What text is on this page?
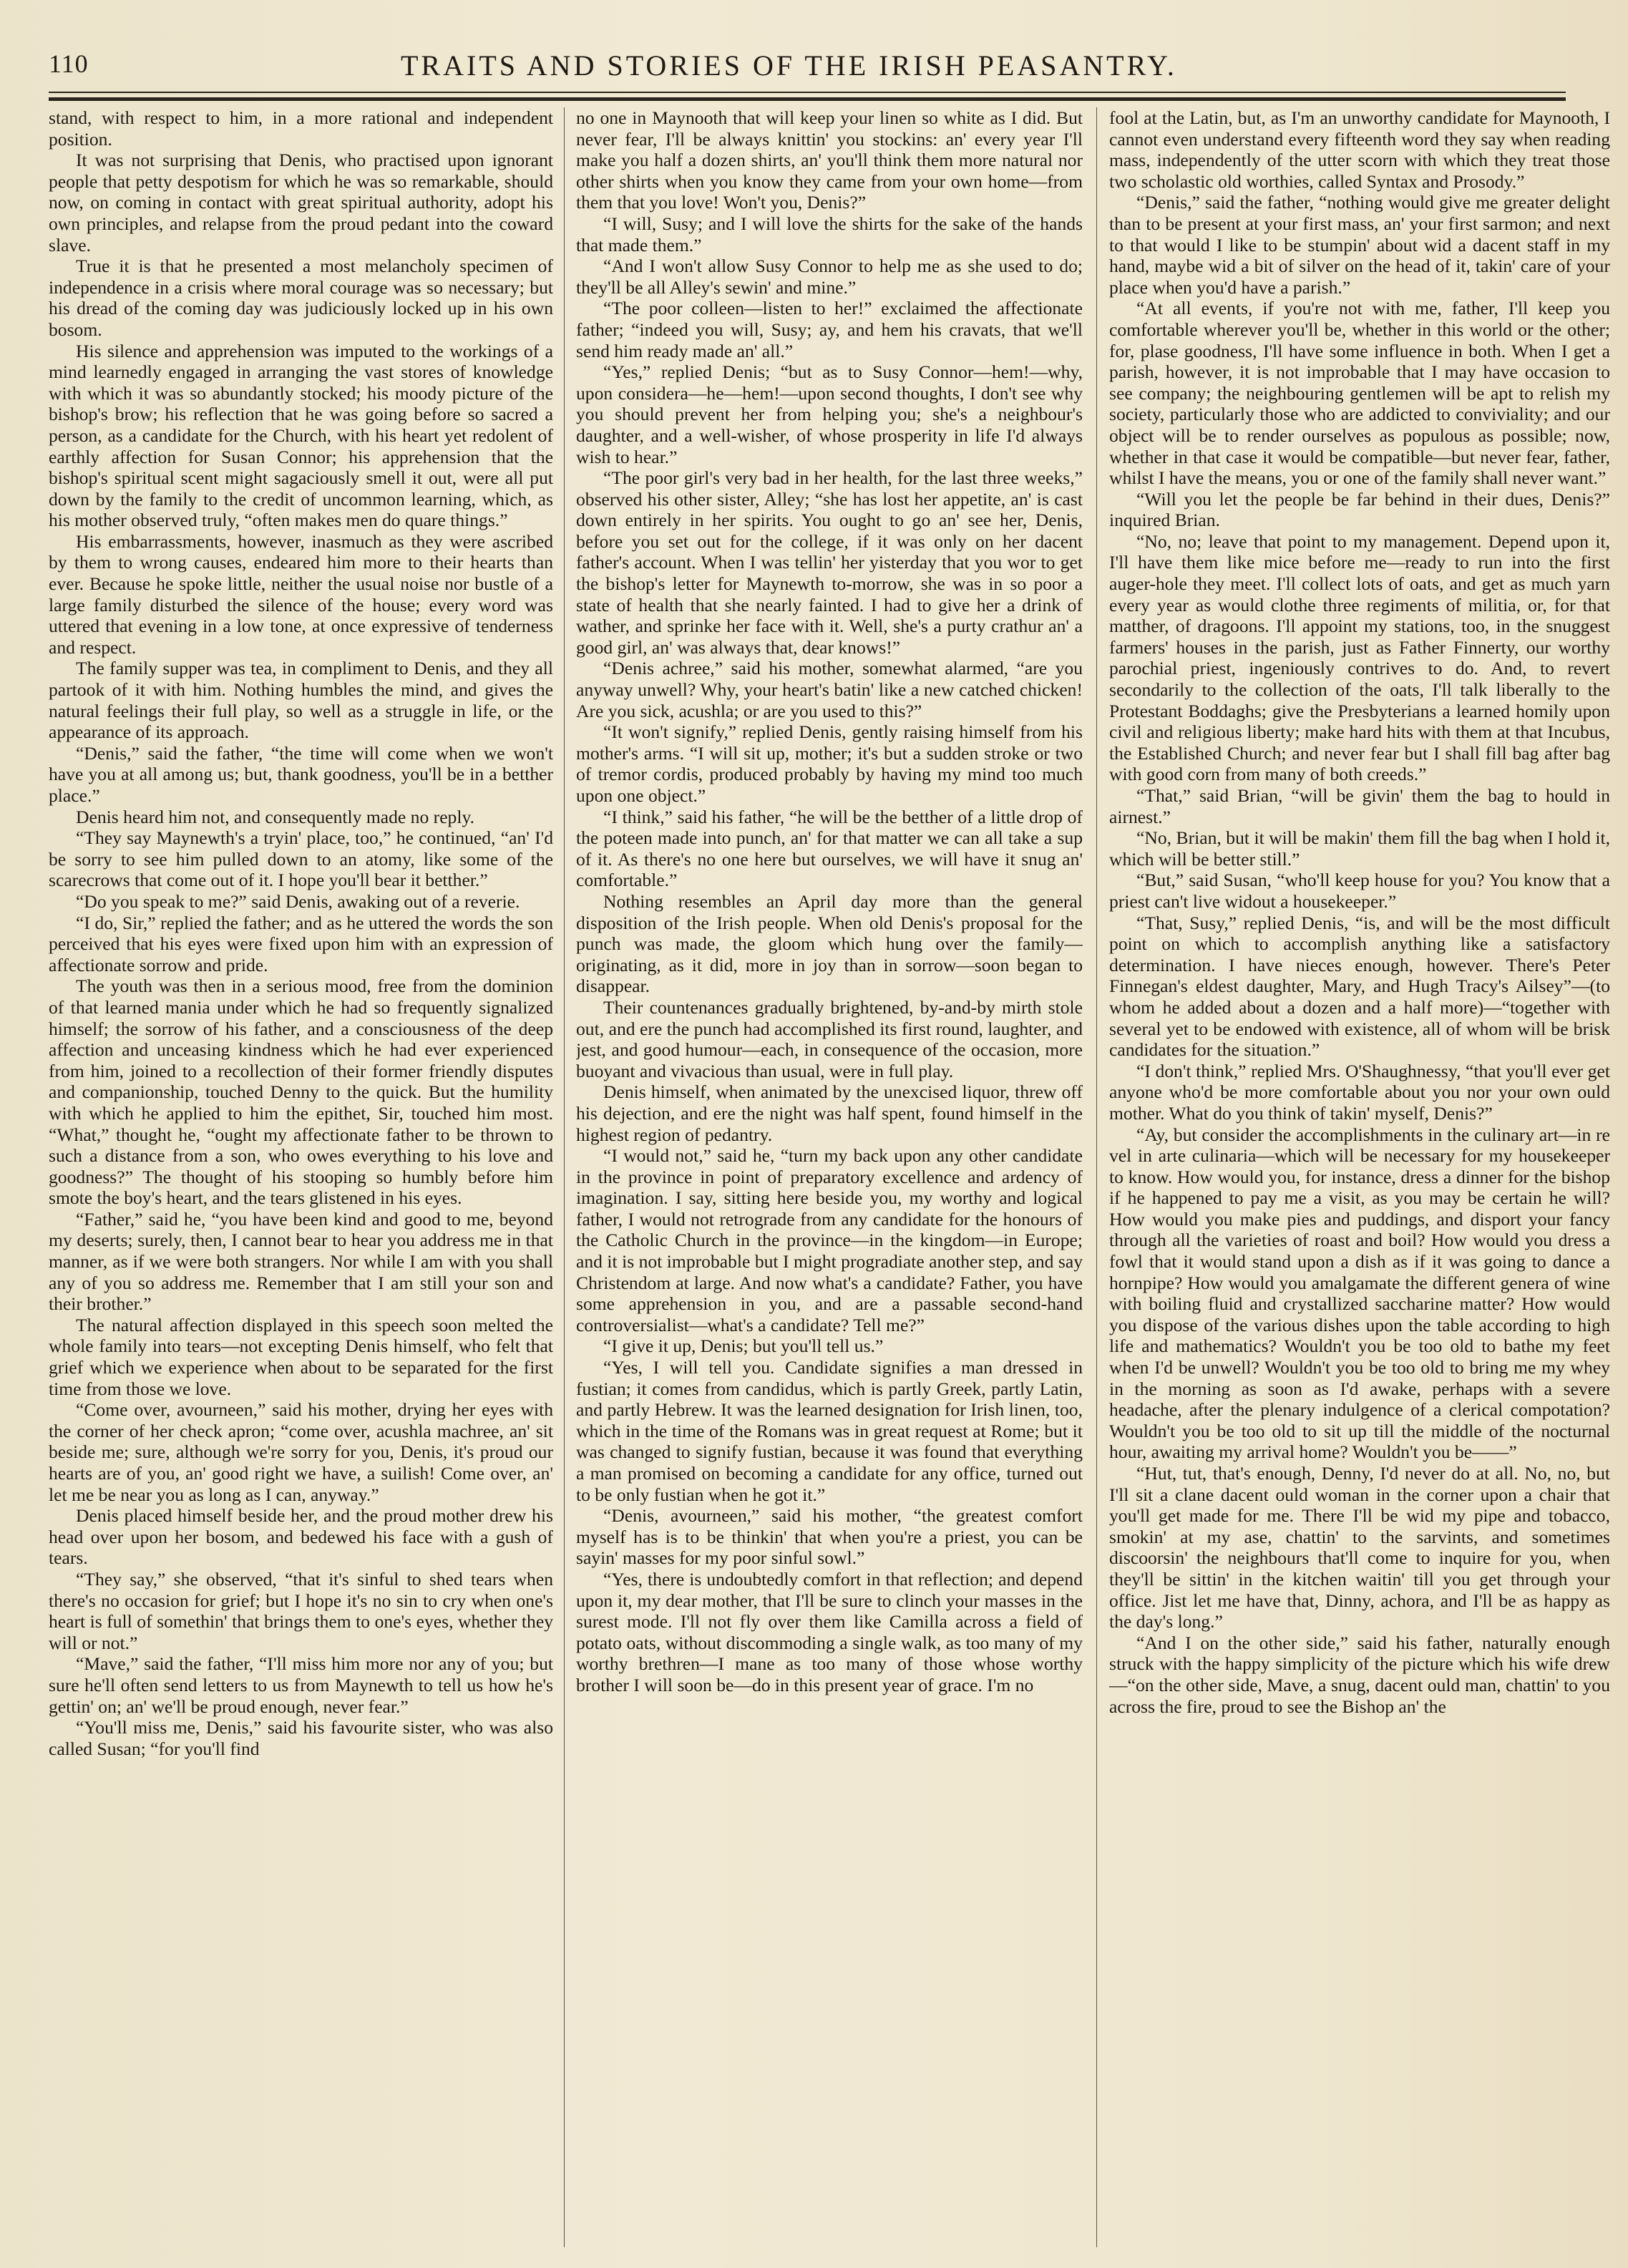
110	TRAITS AND STORIES OF THE IRISH PEASANTRY.

stand, with respect to him, in a more rational and independent position.

It was not surprising that Denis, who practised upon ignorant people that petty despotism for which he was so remarkable, should now, on coming in contact with great spiritual authority, adopt his own principles, and relapse from the proud pedant into the coward slave.

True it is that he presented a most melancholy specimen of independence in a crisis where moral courage was so necessary; but his dread of the coming day was judiciously locked up in his own bosom.

His silence and apprehension was imputed to the workings of a mind learnedly engaged in arranging the vast stores of knowledge with which it was so abundantly stocked; his moody picture of the bishop's brow; his reflection that he was going before so sacred a person, as a candidate for the Church, with his heart yet redolent of earthly affection for Susan Connor; his apprehension that the bishop's spiritual scent might sagaciously smell it out, were all put down by the family to the credit of uncommon learning, which, as his mother observed truly, “often makes men do quare things.”

His embarrassments, however, inasmuch as they were ascribed by them to wrong causes, endeared him more to their hearts than ever. Because he spoke little, neither the usual noise nor bustle of a large family disturbed the silence of the house; every word was uttered that evening in a low tone, at once expressive of tenderness and respect.

The family supper was tea, in compliment to Denis, and they all partook of it with him. Nothing humbles the mind, and gives the natural feelings their full play, so well as a struggle in life, or the appearance of its approach.

“Denis,” said the father, “the time will come when we won't have you at all among us; but, thank goodness, you'll be in a betther place.”

Denis heard him not, and consequently made no reply.

“They say Maynewth's a tryin' place, too,” he continued, “an' I'd be sorry to see him pulled down to an atomy, like some of the scarecrows that come out of it. I hope you'll bear it betther.”

“Do you speak to me?” said Denis, awaking out of a reverie.

“I do, Sir,” replied the father; and as he uttered the words the son perceived that his eyes were fixed upon him with an expression of affectionate sorrow and pride.

The youth was then in a serious mood, free from the dominion of that learned mania under which he had so frequently signalized himself; the sorrow of his father, and a consciousness of the deep affection and unceasing kindness which he had ever experienced from him, joined to a recollection of their former friendly disputes and companionship, touched Denny to the quick. But the humility with which he applied to him the epithet, Sir, touched him most. “What,” thought he, “ought my affectionate father to be thrown to such a distance from a son, who owes everything to his love and goodness?” The thought of his stooping so humbly before him smote the boy's heart, and the tears glistened in his eyes.

“Father,” said he, “you have been kind and good to me, beyond my deserts; surely, then, I cannot bear to hear you address me in that manner, as if we were both strangers. Nor while I am with you shall any of you so address me. Remember that I am still your son and their brother.”

The natural affection displayed in this speech soon melted the whole family into tears—not excepting Denis himself, who felt that grief which we experience when about to be separated for the first time from those we love.

“Come over, avourneen,” said his mother, drying her eyes with the corner of her check apron; “come over, acushla machree, an' sit beside me; sure, although we're sorry for you, Denis, it's proud our hearts are of you, an' good right we have, a suilish! Come over, an' let me be near you as long as I can, anyway.”

Denis placed himself beside her, and the proud mother drew his head over upon her bosom, and bedewed his face with a gush of tears.

“They say,” she observed, “that it's sinful to shed tears when there's no occasion for grief; but I hope it's no sin to cry when one's heart is full of somethin' that brings them to one's eyes, whether they will or not.”

“Mave,” said the father, “I'll miss him more nor any of you; but sure he'll often send letters to us from Maynewth to tell us how he's gettin' on; an' we'll be proud enough, never fear.”

“You'll miss me, Denis,” said his favourite sister, who was also called Susan; “for you'll find

no one in Maynooth that will keep your linen so white as I did. But never fear, I'll be always knittin' you stockins: an' every year I'll make you half a dozen shirts, an' you'll think them more natural nor other shirts when you know they came from your own home—from them that you love! Won't you, Denis?”

“I will, Susy; and I will love the shirts for the sake of the hands that made them.”

“And I won't allow Susy Connor to help me as she used to do; they'll be all Alley's sewin' and mine.”

“The poor colleen—listen to her!” exclaimed the affectionate father; “indeed you will, Susy; ay, and hem his cravats, that we'll send him ready made an' all.”

“Yes,” replied Denis; “but as to Susy Connor—hem!—why, upon considera—he—hem!—upon second thoughts, I don't see why you should prevent her from helping you; she's a neighbour's daughter, and a well-wisher, of whose prosperity in life I'd always wish to hear.”

“The poor girl's very bad in her health, for the last three weeks,” observed his other sister, Alley; “she has lost her appetite, an' is cast down entirely in her spirits. You ought to go an' see her, Denis, before you set out for the college, if it was only on her dacent father's account. When I was tellin' her yisterday that you wor to get the bishop's letter for Maynewth to-morrow, she was in so poor a state of health that she nearly fainted. I had to give her a drink of wather, and sprinke her face with it. Well, she's a purty crathur an' a good girl, an' was always that, dear knows!”

“Denis achree,” said his mother, somewhat alarmed, “are you anyway unwell? Why, your heart's batin' like a new catched chicken! Are you sick, acushla; or are you used to this?”

“It won't signify,” replied Denis, gently raising himself from his mother's arms. “I will sit up, mother; it's but a sudden stroke or two of tremor cordis, produced probably by having my mind too much upon one object.”

“I think,” said his father, “he will be the betther of a little drop of the poteen made into punch, an' for that matter we can all take a sup of it. As there's no one here but ourselves, we will have it snug an' comfortable.”

Nothing resembles an April day more than the general disposition of the Irish people. When old Denis's proposal for the punch was made, the gloom which hung over the family—originating, as it did, more in joy than in sorrow—soon began to disappear.

Their countenances gradually brightened, by-and-by mirth stole out, and ere the punch had accomplished its first round, laughter, and jest, and good humour—each, in consequence of the occasion, more buoyant and vivacious than usual, were in full play.

Denis himself, when animated by the unexcised liquor, threw off his dejection, and ere the night was half spent, found himself in the highest region of pedantry.

“I would not,” said he, “turn my back upon any other candidate in the province in point of preparatory excellence and ardency of imagination. I say, sitting here beside you, my worthy and logical father, I would not retrograde from any candidate for the honours of the Catholic Church in the province—in the kingdom—in Europe; and it is not improbable but I might progradiate another step, and say Christendom at large. And now what's a candidate? Father, you have some apprehension in you, and are a passable second-hand controversialist—what's a candidate? Tell me?”

“I give it up, Denis; but you'll tell us.”

“Yes, I will tell you. Candidate signifies a man dressed in fustian; it comes from candidus, which is partly Greek, partly Latin, and partly Hebrew. It was the learned designation for Irish linen, too, which in the time of the Romans was in great request at Rome; but it was changed to signify fustian, because it was found that everything a man promised on becoming a candidate for any office, turned out to be only fustian when he got it.”

“Denis, avourneen,” said his mother, “the greatest comfort myself has is to be thinkin' that when you're a priest, you can be sayin' masses for my poor sinful sowl.”

“Yes, there is undoubtedly comfort in that reflection; and depend upon it, my dear mother, that I'll be sure to clinch your masses in the surest mode. I'll not fly over them like Camilla across a field of potato oats, without discommoding a single walk, as too many of my worthy brethren—I mane as too many of those whose worthy brother I will soon be—do in this present year of grace. I'm no

fool at the Latin, but, as I'm an unworthy candidate for Maynooth, I cannot even understand every fifteenth word they say when reading mass, independently of the utter scorn with which they treat those two scholastic old worthies, called Syntax and Prosody.”

“Denis,” said the father, “nothing would give me greater delight than to be present at your first mass, an' your first sarmon; and next to that would I like to be stumpin' about wid a dacent staff in my hand, maybe wid a bit of silver on the head of it, takin' care of your place when you'd have a parish.”

“At all events, if you're not with me, father, I'll keep you comfortable wherever you'll be, whether in this world or the other; for, plase goodness, I'll have some influence in both. When I get a parish, however, it is not improbable that I may have occasion to see company; the neighbouring gentlemen will be apt to relish my society, particularly those who are addicted to conviviality; and our object will be to render ourselves as populous as possible; now, whether in that case it would be compatible—but never fear, father, whilst I have the means, you or one of the family shall never want.”

“Will you let the people be far behind in their dues, Denis?” inquired Brian.

“No, no; leave that point to my management. Depend upon it, I'll have them like mice before me—ready to run into the first auger-hole they meet. I'll collect lots of oats, and get as much yarn every year as would clothe three regiments of militia, or, for that matther, of dragoons. I'll appoint my stations, too, in the snuggest farmers' houses in the parish, just as Father Finnerty, our worthy parochial priest, ingeniously contrives to do. And, to revert secondarily to the collection of the oats, I'll talk liberally to the Protestant Boddaghs; give the Presbyterians a learned homily upon civil and religious liberty; make hard hits with them at that Incubus, the Established Church; and never fear but I shall fill bag after bag with good corn from many of both creeds.”

“That,” said Brian, “will be givin' them the bag to hould in airnest.”

“No, Brian, but it will be makin' them fill the bag when I hold it, which will be better still.”

“But,” said Susan, “who'll keep house for you? You know that a priest can't live widout a housekeeper.”

“That, Susy,” replied Denis, “is, and will be the most difficult point on which to accomplish anything like a satisfactory determination. I have nieces enough, however. There's Peter Finnegan's eldest daughter, Mary, and Hugh Tracy's Ailsey”—(to whom he added about a dozen and a half more)—“together with several yet to be endowed with existence, all of whom will be brisk candidates for the situation.”

“I don't think,” replied Mrs. O'Shaughnessy, “that you'll ever get anyone who'd be more comfortable about you nor your own ould mother. What do you think of takin' myself, Denis?”

“Ay, but consider the accomplishments in the culinary art—in re vel in arte culinaria—which will be necessary for my housekeeper to know. How would you, for instance, dress a dinner for the bishop if he happened to pay me a visit, as you may be certain he will? How would you make pies and puddings, and disport your fancy through all the varieties of roast and boil? How would you dress a fowl that it would stand upon a dish as if it was going to dance a hornpipe? How would you amalgamate the different genera of wine with boiling fluid and crystallized saccharine matter? How would you dispose of the various dishes upon the table according to high life and mathematics? Wouldn't you be too old to bathe my feet when I'd be unwell? Wouldn't you be too old to bring me my whey in the morning as soon as I'd awake, perhaps with a severe headache, after the plenary indulgence of a clerical compotation? Wouldn't you be too old to sit up till the middle of the nocturnal hour, awaiting my arrival home? Wouldn't you be——”

“Hut, tut, that's enough, Denny, I'd never do at all. No, no, but I'll sit a clane dacent ould woman in the corner upon a chair that you'll get made for me. There I'll be wid my pipe and tobacco, smokin' at my ase, chattin' to the sarvints, and sometimes discoorsin' the neighbours that'll come to inquire for you, when they'll be sittin' in the kitchen waitin' till you get through your office. Jist let me have that, Dinny, achora, and I'll be as happy as the day's long.”

“And I on the other side,” said his father, naturally enough struck with the happy simplicity of the picture which his wife drew—“on the other side, Mave, a snug, dacent ould man, chattin' to you across the fire, proud to see the Bishop an' the
